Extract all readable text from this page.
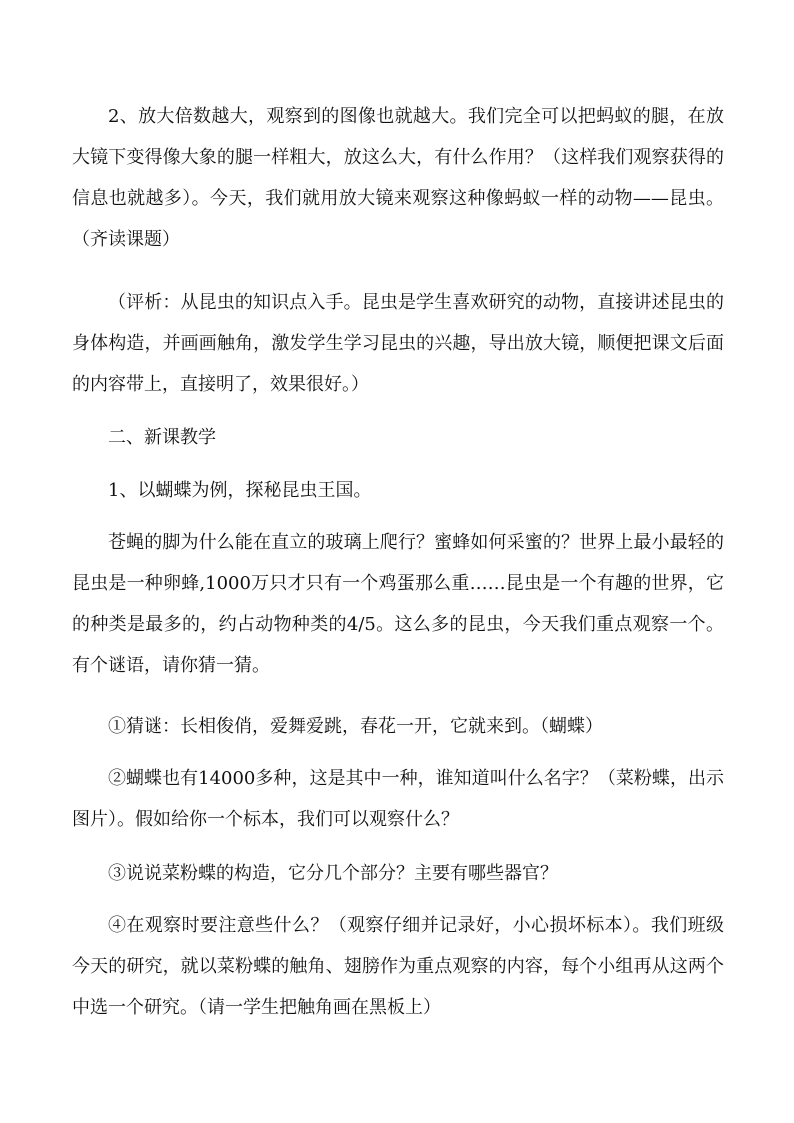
2、放大倍数越大，观察到的图像也就越大。我们完全可以把蚂蚁的腿，在放大镜下变得像大象的腿一样粗大，放这么大，有什么作用？（这样我们观察获得的信息也就越多）。今天，我们就用放大镜来观察这种像蚂蚁一样的动物——昆虫。（齐读课题）

（评析：从昆虫的知识点入手。昆虫是学生喜欢研究的动物，直接讲述昆虫的身体构造，并画画触角，激发学生学习昆虫的兴趣，导出放大镜，顺便把课文后面的内容带上，直接明了，效果很好。）

二、新课教学

1、以蝴蝶为例，探秘昆虫王国。

苍蝇的脚为什么能在直立的玻璃上爬行？蜜蜂如何采蜜的？世界上最小最轻的昆虫是一种卵蜂,1000万只才只有一个鸡蛋那么重……昆虫是一个有趣的世界，它的种类是最多的，约占动物种类的4/5。这么多的昆虫，今天我们重点观察一个。有个谜语，请你猜一猜。

①猜谜：长相俊俏，爱舞爱跳，春花一开，它就来到。（蝴蝶）

②蝴蝶也有14000多种，这是其中一种，谁知道叫什么名字？（菜粉蝶，出示图片）。假如给你一个标本，我们可以观察什么？

③说说菜粉蝶的构造，它分几个部分？主要有哪些器官？

④在观察时要注意些什么？（观察仔细并记录好，小心损坏标本）。我们班级今天的研究，就以菜粉蝶的触角、翅膀作为重点观察的内容，每个小组再从这两个中选一个研究。（请一学生把触角画在黑板上）
